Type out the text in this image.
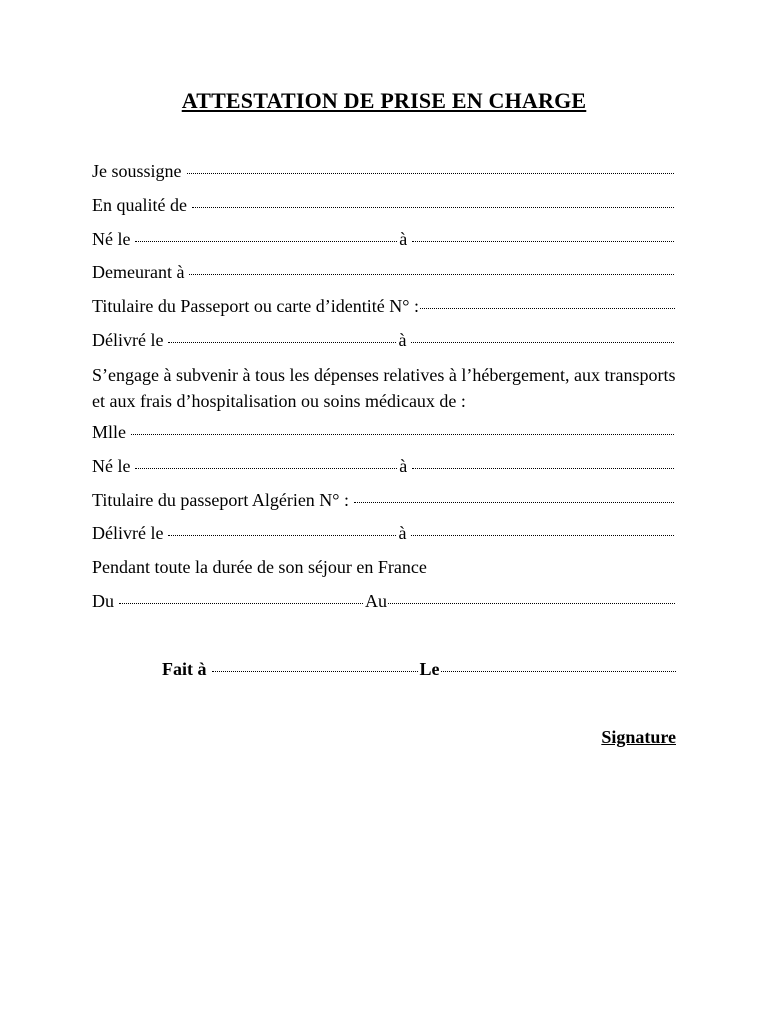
ATTESTATION DE PRISE EN CHARGE
Je soussigne
En qualité de
Né le	à
Demeurant à
Titulaire du Passeport ou carte d’identité N° :
Délivré le	à
S’engage à subvenir à tous les dépenses relatives à l’hébergement, aux transports et aux frais d’hospitalisation ou soins médicaux de :
Mlle
Né le	à
Titulaire du passeport Algérien N° :
Délivré le	à
Pendant toute la durée de son séjour en France
Du	Au
Fait à	Le
Signature
